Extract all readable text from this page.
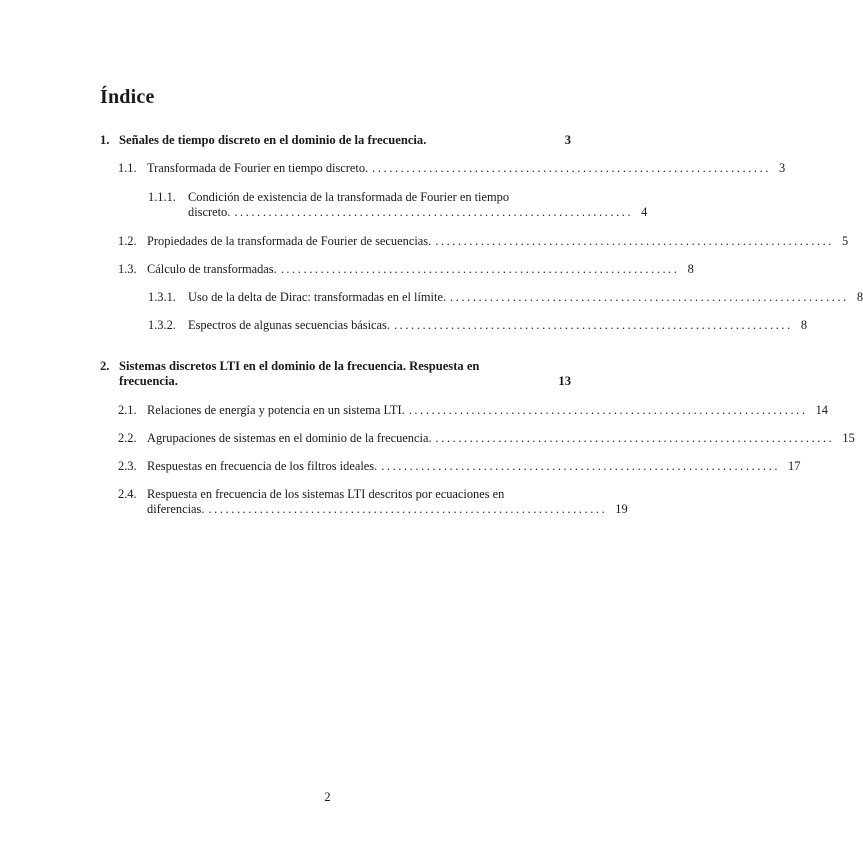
Índice
1. Señales de tiempo discreto en el dominio de la frecuencia.	3
1.1. Transformada de Fourier en tiempo discreto. ...................................................................... 3
1.1.1. Condición de existencia de la transformada de Fourier en tiempo
discreto. ...................................................................... 4
1.2. Propiedades de la transformada de Fourier de secuencias. ...................................................................... 5
1.3. Cálculo de transformadas. ...................................................................... 8
1.3.1. Uso de la delta de Dirac: transformadas en el límite. ...................................................................... 8
1.3.2. Espectros de algunas secuencias básicas. ...................................................................... 8
2. Sistemas discretos LTI en el dominio de la frecuencia. Respuesta en
frecuencia.	13
2.1. Relaciones de energía y potencia en un sistema LTI. ...................................................................... 14
2.2. Agrupaciones de sistemas en el dominio de la frecuencia. ...................................................................... 15
2.3. Respuestas en frecuencia de los filtros ideales. ...................................................................... 17
2.4. Respuesta en frecuencia de los sistemas LTI descritos por ecuaciones en
diferencias. ...................................................................... 19
2
